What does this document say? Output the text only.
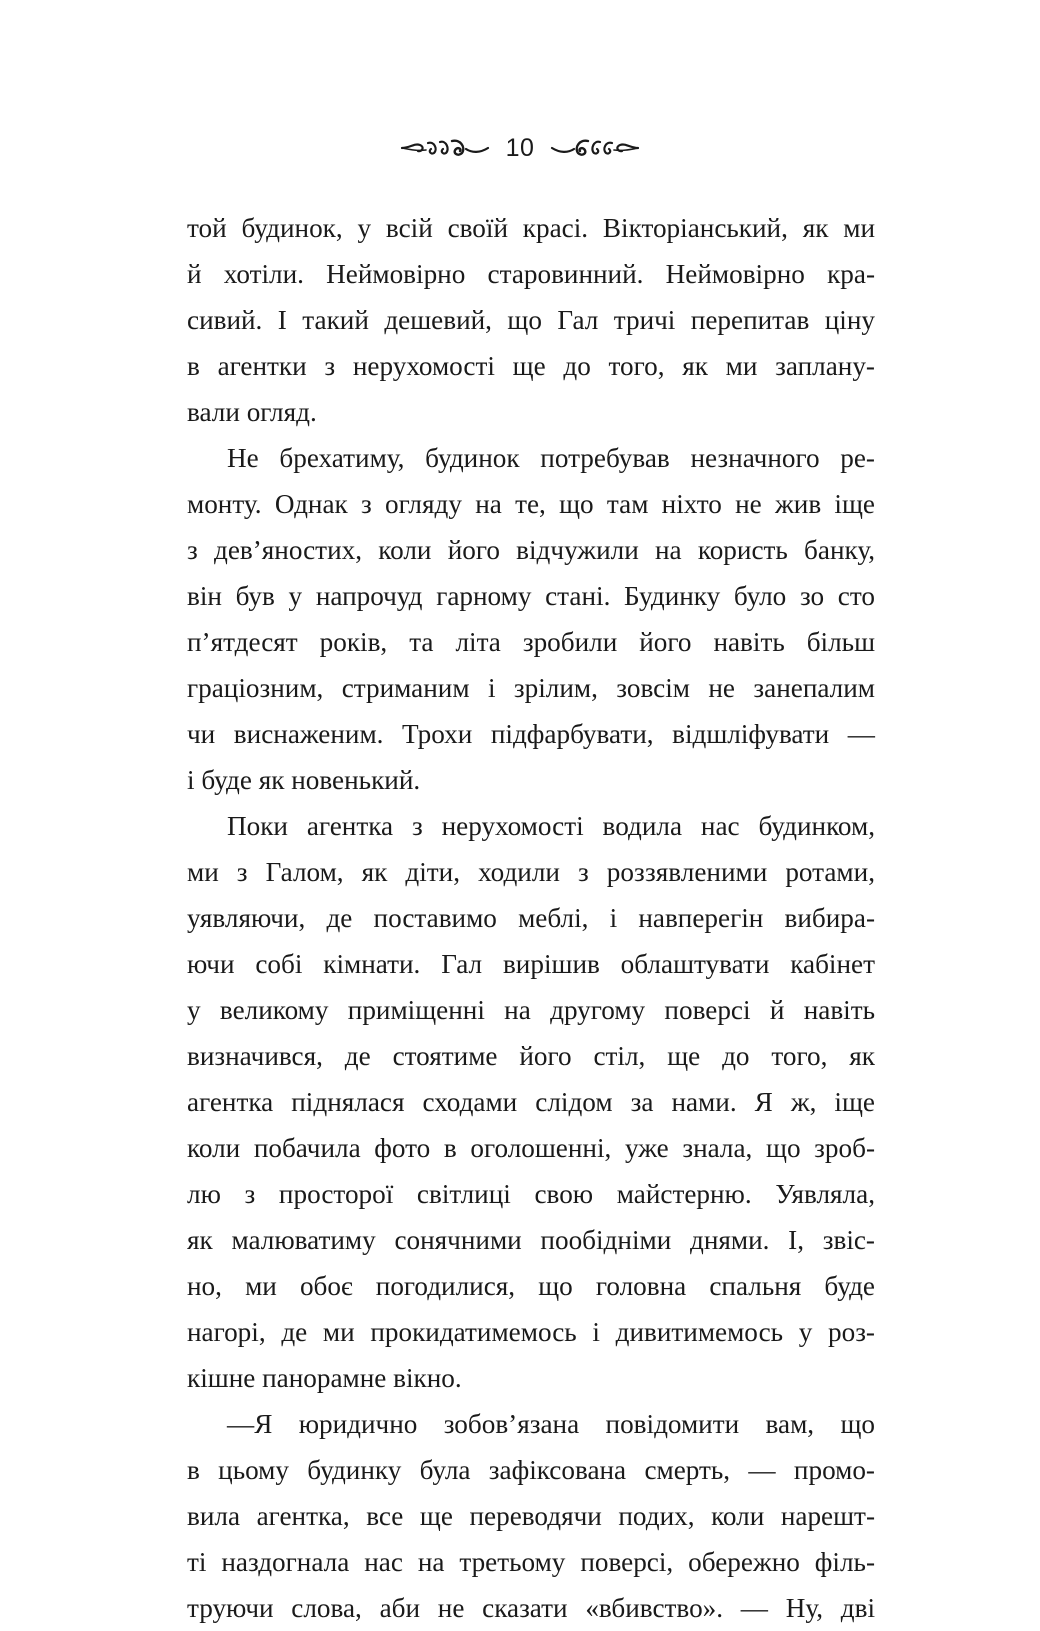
10
той будинок, у всій своїй красі. Вікторіанський, як ми
й хотіли. Неймовірно старовинний. Неймовірно кра-
сивий. І такий дешевий, що Гал тричі перепитав ціну
в агентки з нерухомості ще до того, як ми заплану-
вали огляд.
Не брехатиму, будинок потребував незначного ре-
монту. Однак з огляду на те, що там ніхто не жив іще
з дев’яностих, коли його відчужили на користь банку,
він був у напрочуд гарному стані. Будинку було зо сто
п’ятдесят років, та літа зробили його навіть більш
граціозним, стриманим і зрілим, зовсім не занепалим
чи виснаженим. Трохи підфарбувати, відшліфувати —
і буде як новенький.
Поки агентка з нерухомості водила нас будинком,
ми з Галом, як діти, ходили з роззявленими ротами,
уявляючи, де поставимо меблі, і навперегін вибира-
ючи собі кімнати. Гал вирішив облаштувати кабінет
у великому приміщенні на другому поверсі й навіть
визначився, де стоятиме його стіл, ще до того, як
агентка піднялася сходами слідом за нами. Я ж, іще
коли побачила фото в оголошенні, уже знала, що зроб-
лю з просторої світлиці свою майстерню. Уявляла,
як малюватиму сонячними пообідніми днями. І, звіс-
но, ми обоє погодилися, що головна спальня буде
нагорі, де ми прокидатимемось і дивитимемось у роз-
кішне панорамне вікно.
—Я юридично зобов’язана повідомити вам, що
в цьому будинку була зафіксована смерть, — промо-
вила агентка, все ще переводячи подих, коли нарешт-
ті наздогнала нас на третьому поверсі, обережно філь-
труючи слова, аби не сказати «вбивство». — Ну, дві
